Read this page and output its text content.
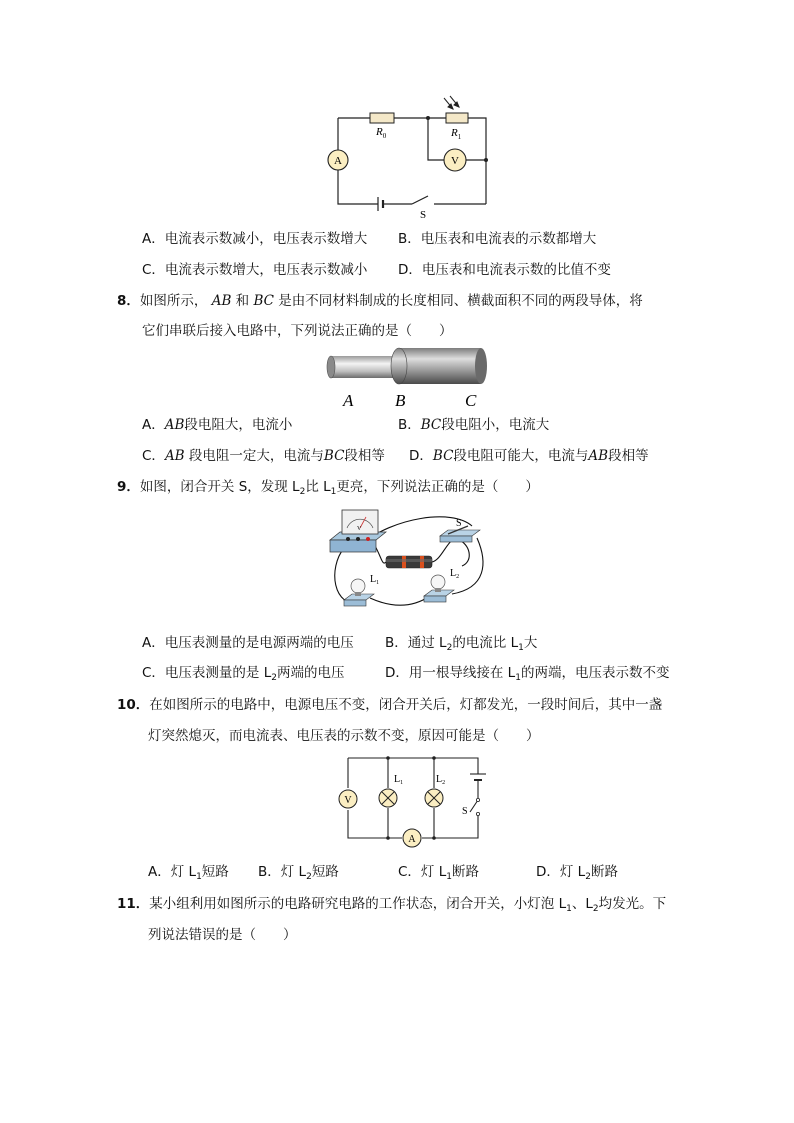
A	V
$R_0$	$R_1$
S
A．电流表示数减小，电压表示数增大 B．电压表和电流表的示数都增大
C．电流表示数增大，电压表示数减小 D．电压表和电流表示数的比值不变
8．如图所示， AB 和 BC 是由不同材料制成的长度相同、横截面积不同的两段导体，将
它们串联后接入电路中，下列说法正确的是（　　）
A B	C
A．AB段电阻大，电流小	B．BC段电阻小，电流大
C．AB 段电阻一定大，电流与BC段相等 D．BC段电阻可能大，电流与AB段相等
9．如图，闭合开关 S，发现 $L_2$比 $L_1$更亮，下列说法正确的是（　　）
V	S
$L_1$
$L_2$
A．电压表测量的是电源两端的电压 B．通过 $L_2$的电流比 $L_1$大
C．电压表测量的是 $L_2$两端的电压	D．用一根导线接在 $L_1$的两端，电压表示数不变
10．在如图所示的电路中，电源电压不变，闭合开关后，灯都发光，一段时间后，其中一盏
灯突然熄灭，而电流表、电压表的示数不变，原因可能是（　　）
V
A
$L_1$	$L_2$
S
A．灯 $L_1$短路 B．灯 $L_2$短路	C．灯 $L_1$断路	D．灯 $L_2$断路
11．某小组利用如图所示的电路研究电路的工作状态，闭合开关，小灯泡 $L_1$、$L_2$均发光。下
列说法错误的是（　　）
